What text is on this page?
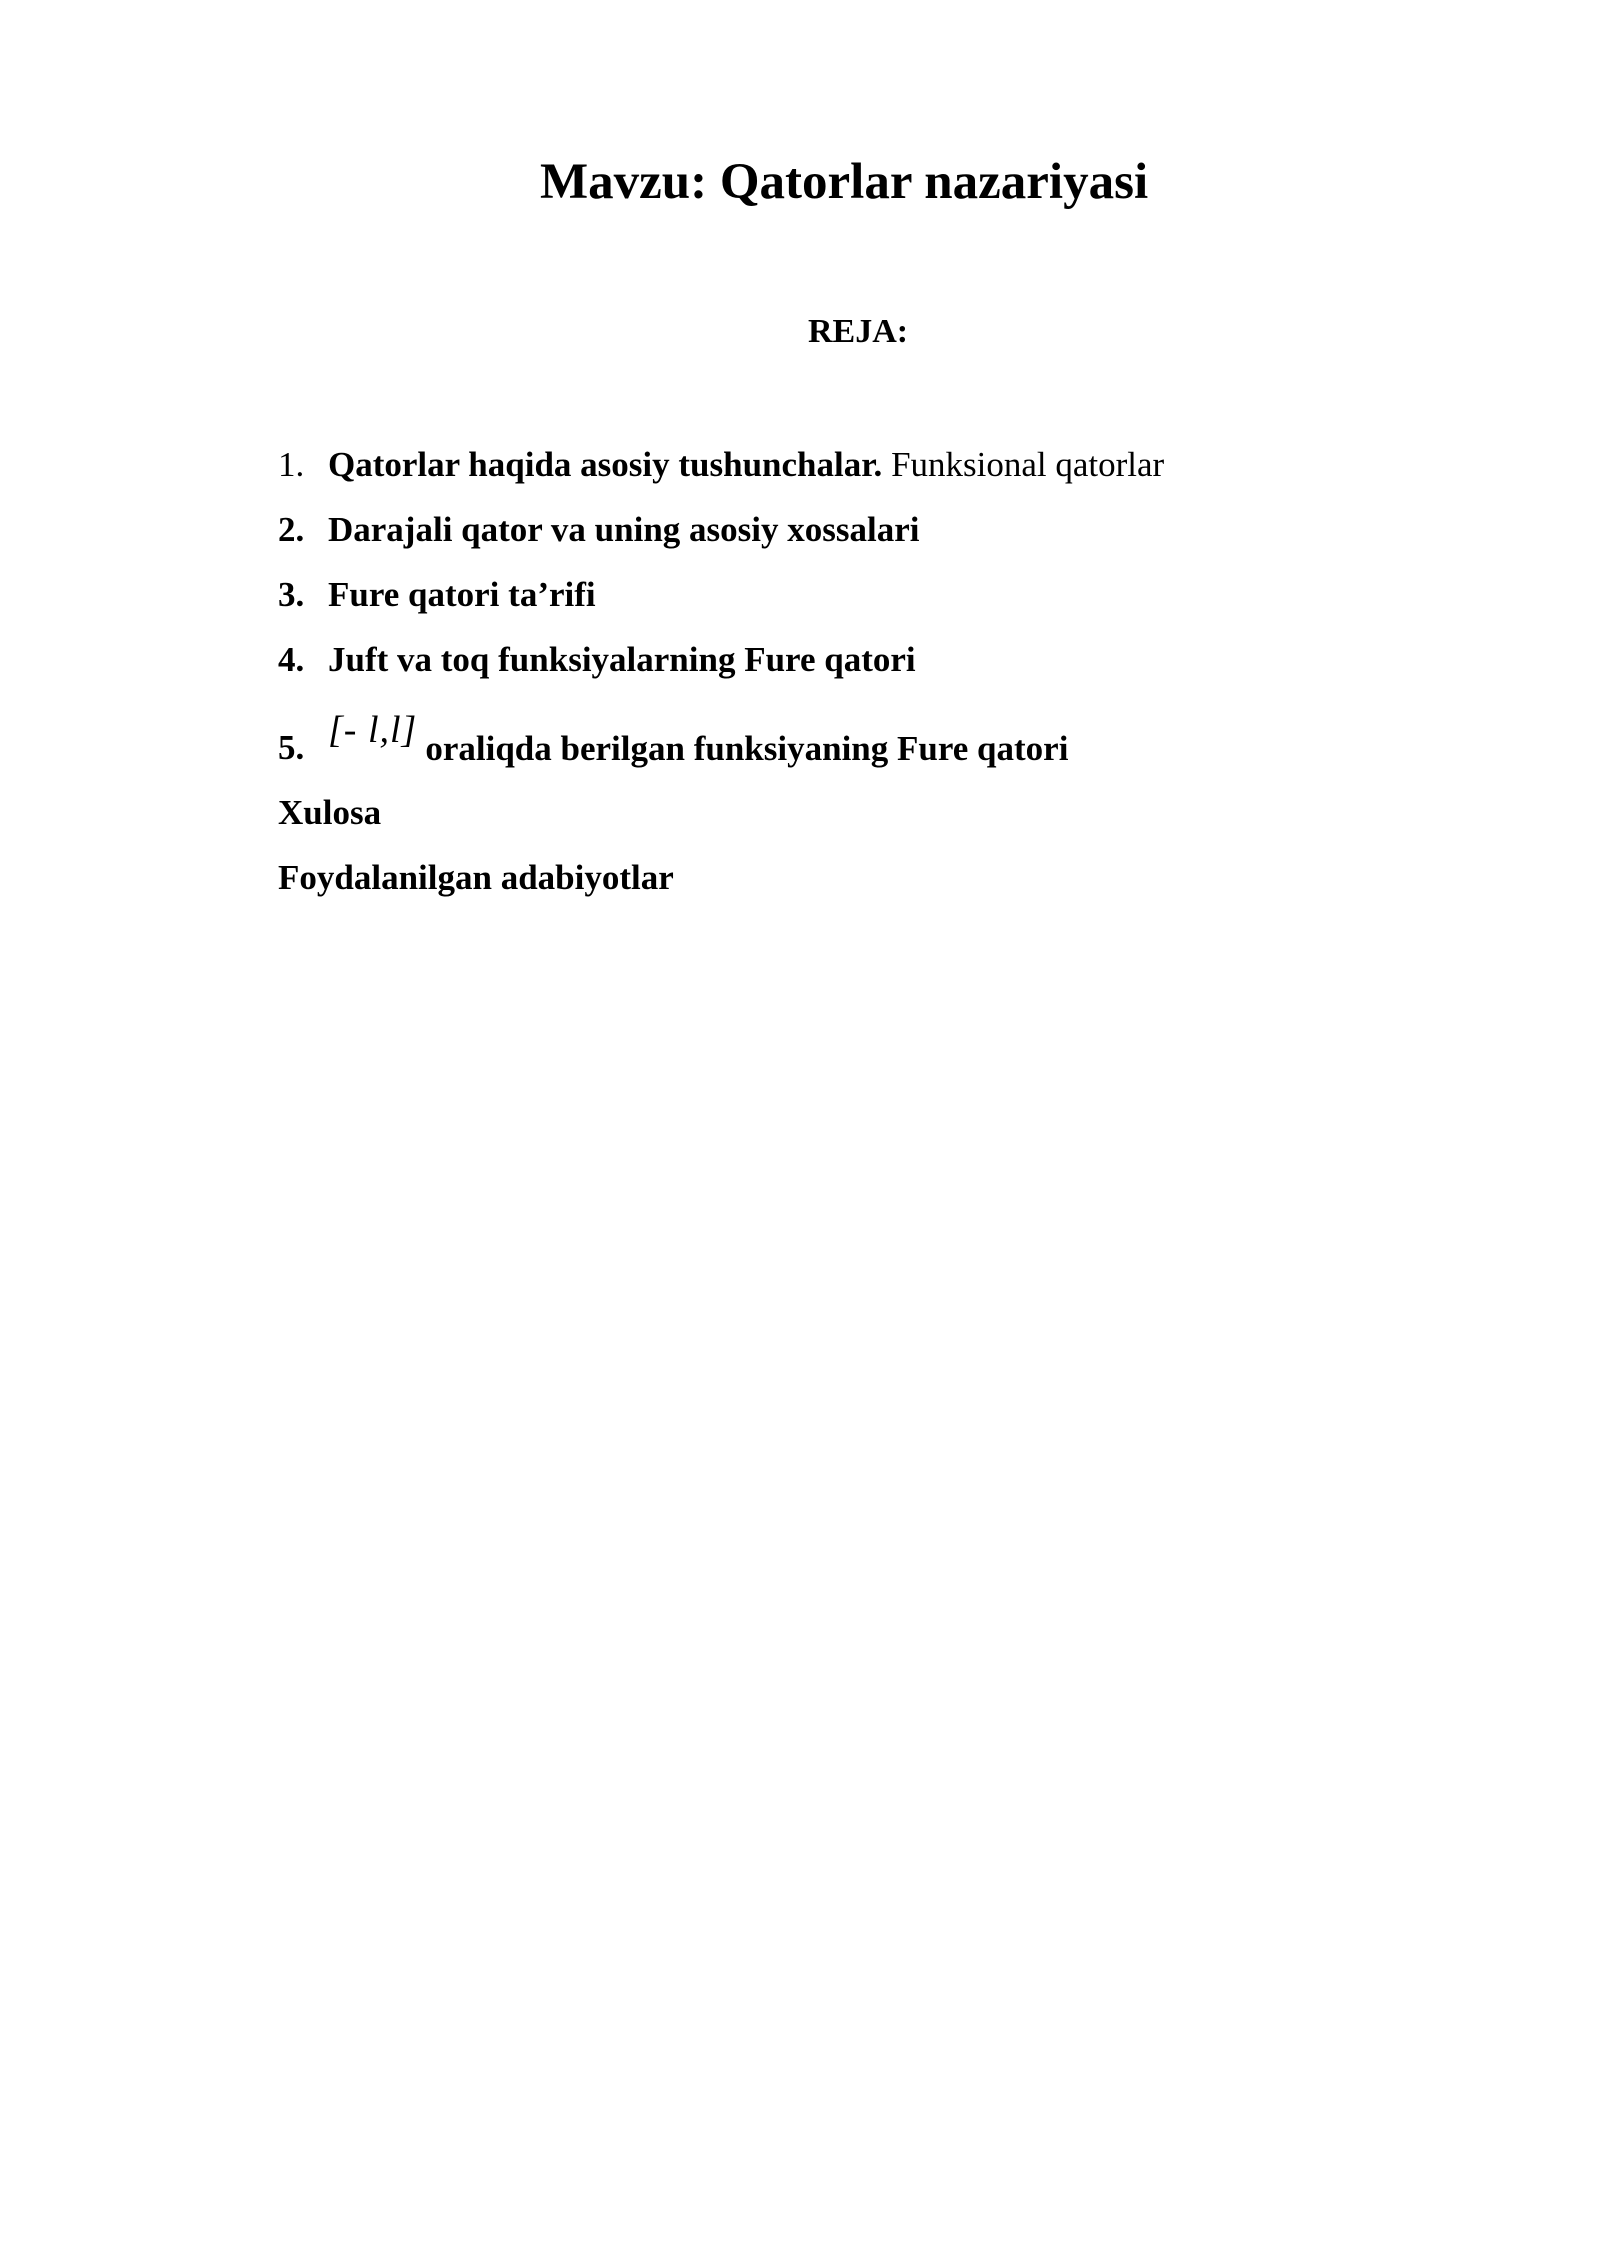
Mavzu: Qatorlar nazariyasi
REJA:
1. Qatorlar haqida asosiy tushunchalar. Funksional qatorlar
2. Darajali qator va uning asosiy xossalari
3. Fure qatori ta’rifi
4. Juft va toq funksiyalarning Fure qatori
5. [- l,l] oraliqda berilgan funksiyaning Fure qatori
Xulosa
Foydalanilgan adabiyotlar
